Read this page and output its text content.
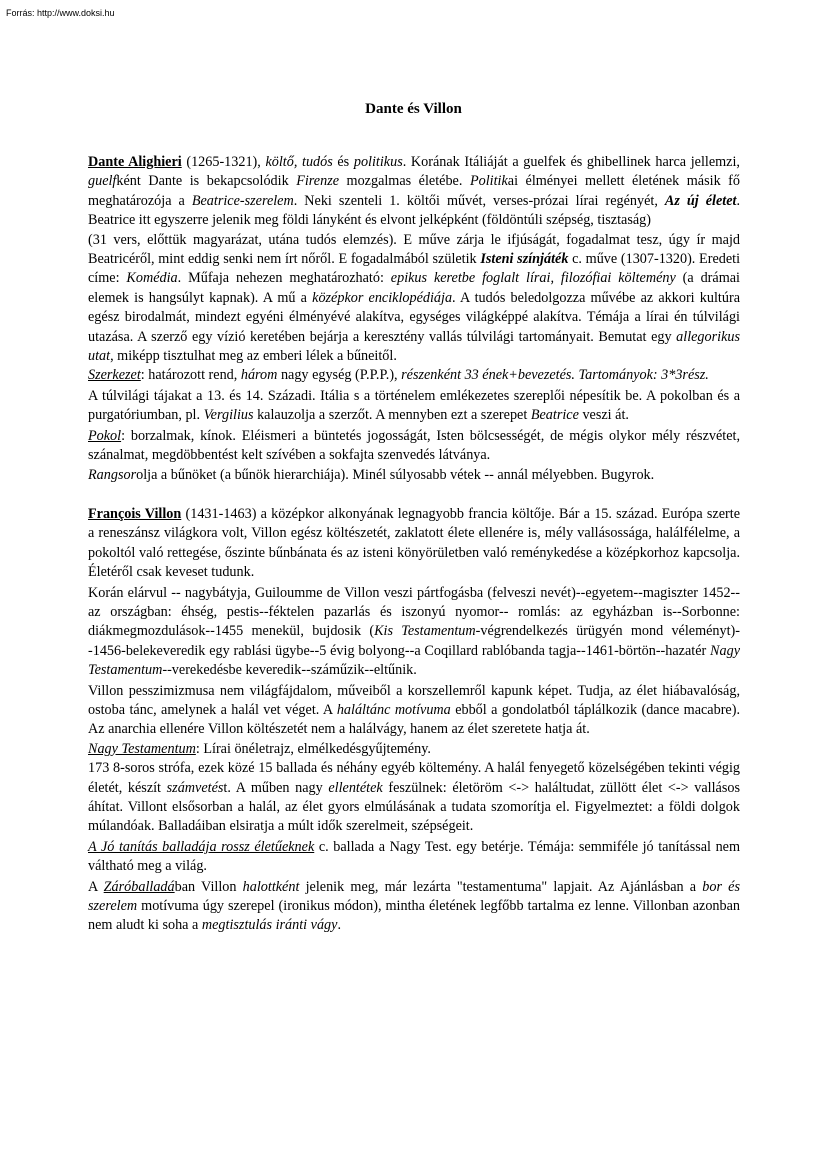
Forrás: http://www.doksi.hu
Dante és Villon

Dante Alighieri (1265-1321), költő, tudós és politikus. Korának Itáliáját a guelfek és ghibellinek harca jellemzi, guelfként Dante is bekapcsolódik Firenze mozgalmas életébe. Politikai élményei mellett életének másik fő meghatározója a Beatrice-szerelem. Neki szenteli 1. költői művét, verses-prózai lírai regényét, Az új életet. Beatrice itt egyszerre jelenik meg földi lányként és elvont jelképként (földöntúli szépség, tisztaság)

(31 vers, előttük magyarázat, utána tudós elemzés). E műve zárja le ifjúságát, fogadalmat tesz, úgy ír majd Beatricéről, mint eddig senki nem írt nőről. E fogadalmából születik Isteni színjáték c. műve (1307-1320). Eredeti címe: Komédia. Műfaja nehezen meghatározható: epikus keretbe foglalt lírai, filozófiai költemény (a drámai elemek is hangsúlyt kapnak). A mű a középkor enciklopédiája. A tudós beledolgozza művébe az akkori kultúra egész birodalmát, mindezt egyéni élményévé alakítva, egységes világképpé alakítva. Témája a lírai én túlvilági utazása. A szerző egy vízió keretében bejárja a keresztény vallás túlvilági tartományait. Bemutat egy allegorikus utat, miképp tisztulhat meg az emberi lélek a bűneitől.

Szerkezet: határozott rend, három nagy egység (P.P.P.), részenként 33 ének+bevezetés. Tartományok: 3*3rész.

A túlvilági tájakat a 13. és 14. Századi. Itália s a történelem emlékezetes szereplői népesítik be. A pokolban és a purgatóriumban, pl. Vergilius kalauzolja a szerzőt. A mennyben ezt a szerepet Beatrice veszi át.

Pokol: borzalmak, kínok. Eléismeri a büntetés jogosságát, Isten bölcsességét, de mégis olykor mély részvétet, szánalmat, megdöbbentést kelt szívében a sokfajta szenvedés látványa.

Rangsorolja a bűnöket (a bűnök hierarchiája). Minél súlyosabb vétek -- annál mélyebben. Bugyrok.

François Villon (1431-1463) a középkor alkonyának legnagyobb francia költője. Bár a 15. század. Európa szerte a reneszánsz világkora volt, Villon egész költészetét, zaklatott élete ellenére is, mély vallásossága, halálfélelme, a pokoltól való rettegése, őszinte bűnbánata és az isteni könyörületben való reménykedése a középkorhoz kapcsolja. Életéről csak keveset tudunk.

Korán elárvul -- nagybátyja, Guiloumme de Villon veszi pártfogásba (felveszi nevét)--egyetem--magiszter 1452-- az országban: éhség, pestis--féktelen pazarlás és iszonyú nyomor-- romlás: az egyházban is--Sorbonne: diákmegmozdulások--1455 menekül, bujdosik (Kis Testamentum-végrendelkezés ürügyén mond véleményt)--1456-belekeveredik egy rablási ügybe--5 évig bolyong--a Coqillard rablóbanda tagja--1461-börtön--hazatér Nagy Testamentum--verekedésbe keveredik--száműzik--eltűnik.

Villon pesszimizmusa nem világfájdalom, műveiből a korszellemről kapunk képet. Tudja, az élet hiábavalóság, ostoba tánc, amelynek a halál vet véget. A haláltánc motívuma ebből a gondolatból táplálkozik (dance macabre). Az anarchia ellenére Villon költészetét nem a halálvágy, hanem az élet szeretete hatja át.

Nagy Testamentum: Lírai önéletrajz, elmélkedésgyűjtemény.

173 8-soros strófa, ezek közé 15 ballada és néhány egyéb költemény. A halál fenyegető közelségében tekinti végig életét, készít számvetést. A műben nagy ellentétek feszülnek: életöröm <-> haláltudat, züllött élet <-> vallásos áhítat. Villont elsősorban a halál, az élet gyors elmúlásának a tudata szomorítja el. Figyelmeztet: a földi dolgok múlandóak. Balladáiban elsiratja a múlt idők szerelmeit, szépségeit.

A Jó tanítás balladája rossz életűeknek c. ballada a Nagy Test. egy betérje. Témája: semmiféle jó tanítással nem váltható meg a világ.

A Záróballadában Villon halottként jelenik meg, már lezárta "testamentuma" lapjait. Az Ajánlásban a bor és szerelem motívuma úgy szerepel (ironikus módon), mintha életének legfőbb tartalma ez lenne. Villonban azonban nem aludt ki soha a megtisztulás iránti vágy.
